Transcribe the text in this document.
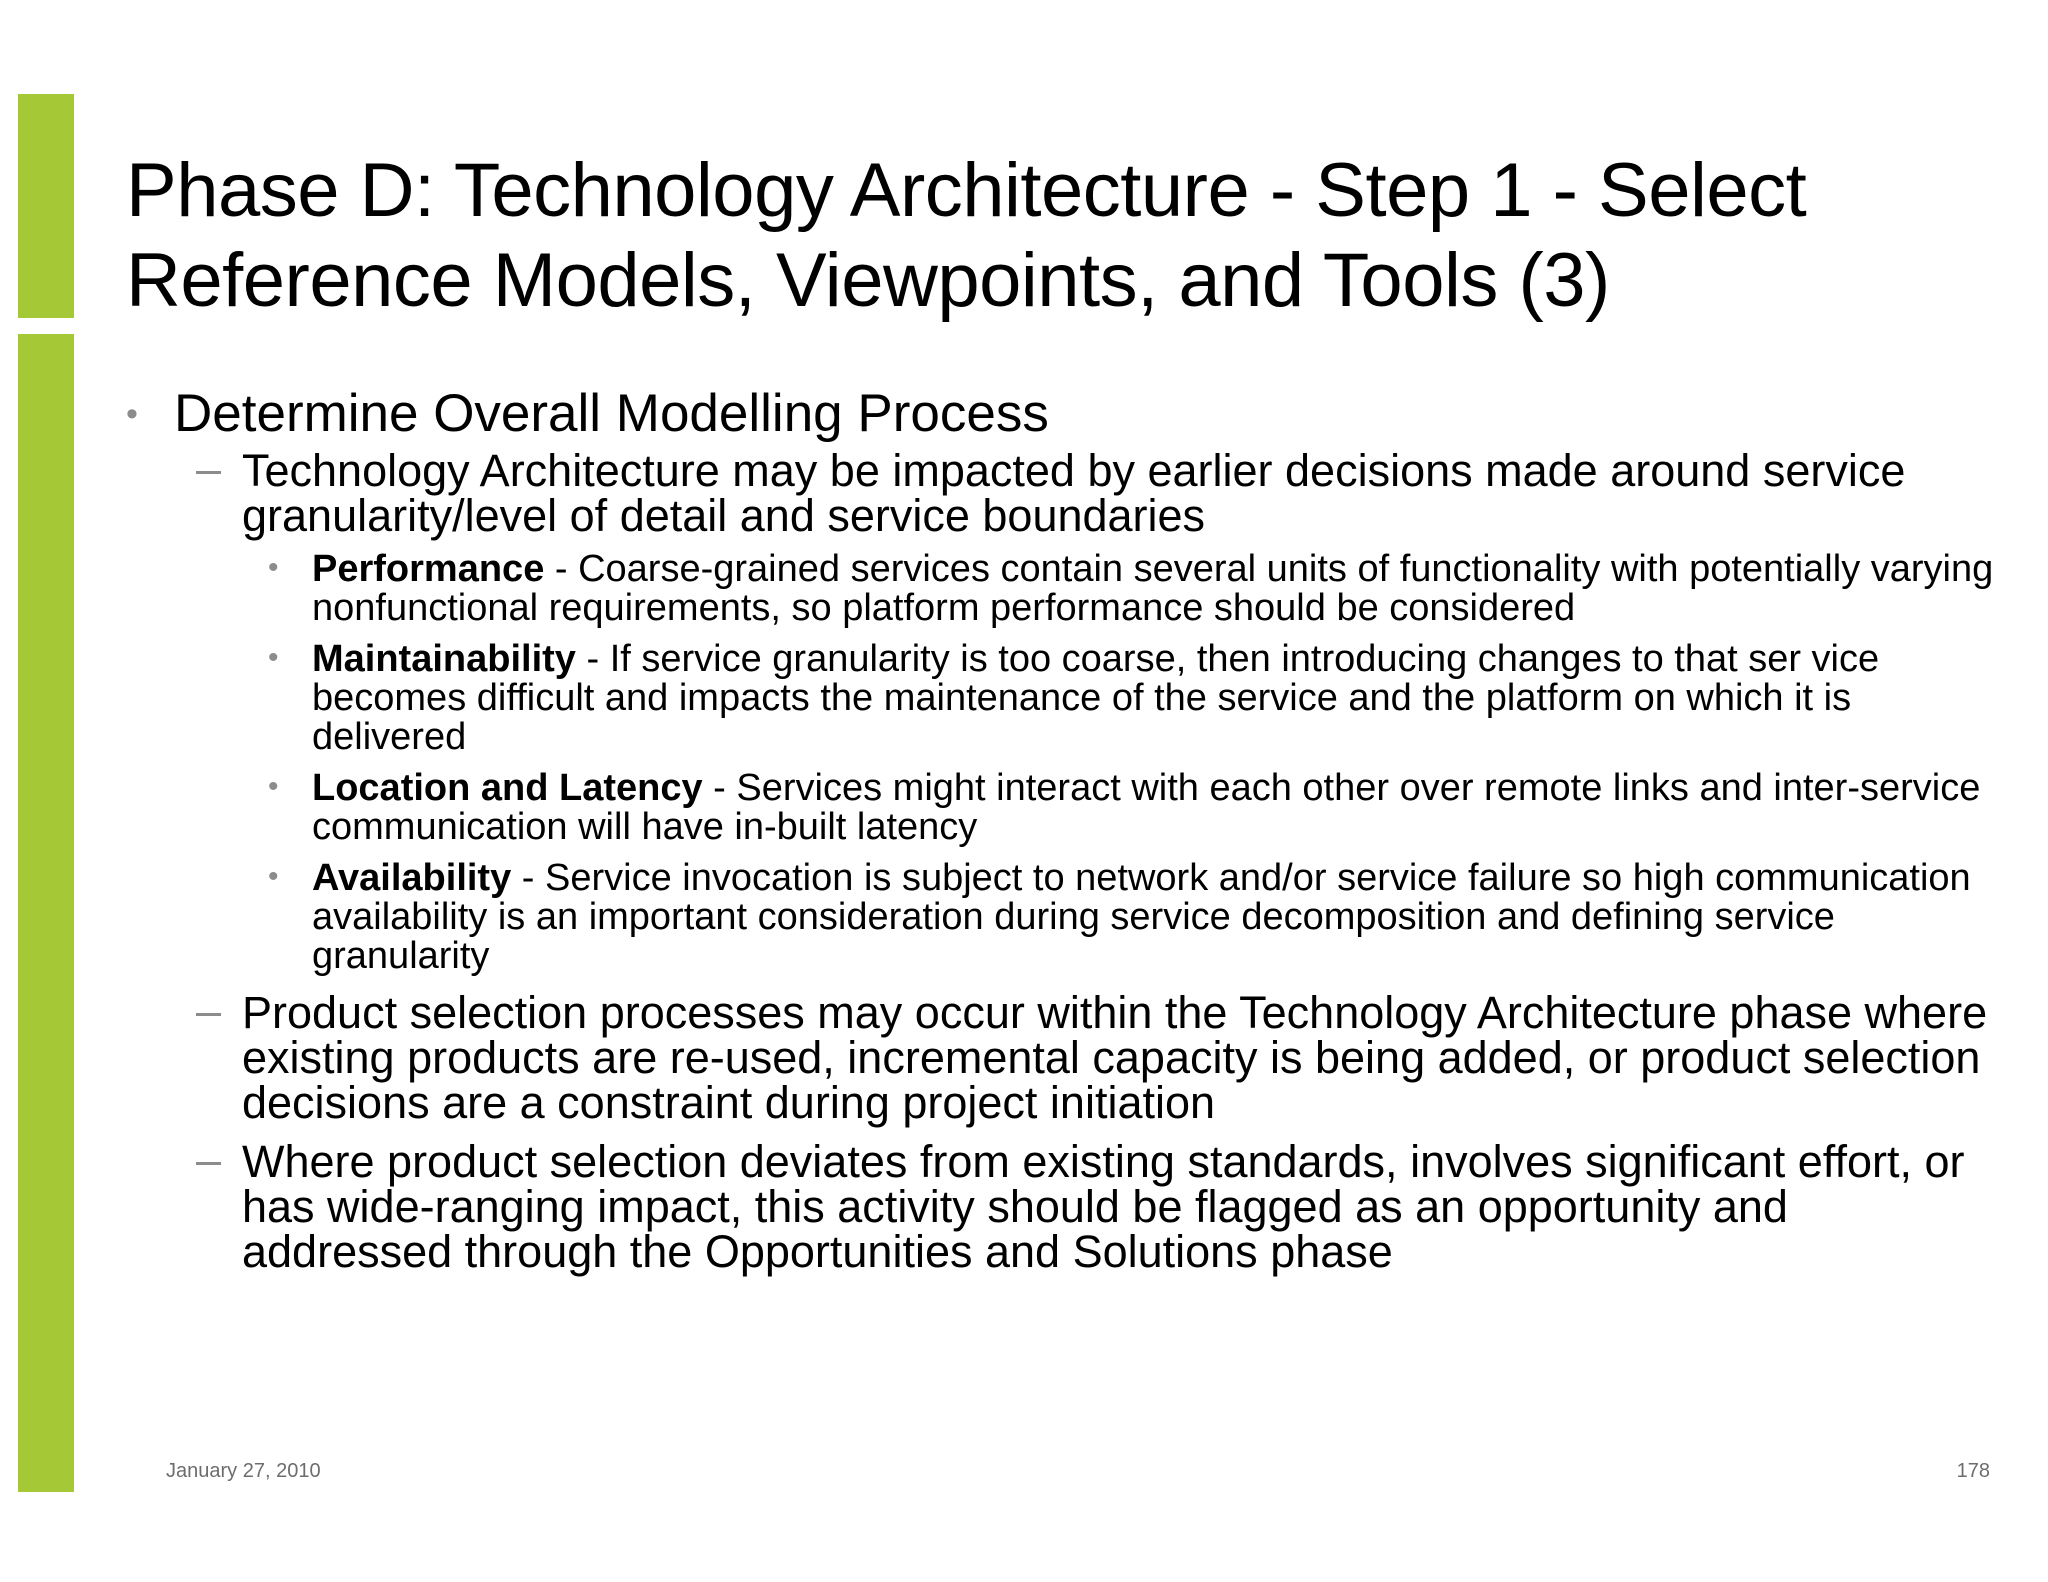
Phase D: Technology Architecture - Step 1 - Select Reference Models, Viewpoints, and Tools (3)
• Determine Overall Modelling Process
– Technology Architecture may be impacted by earlier decisions made around service granularity/level of detail and service boundaries
• Performance - Coarse-grained services contain several units of functionality with potentially varying nonfunctional requirements, so platform performance should be considered
• Maintainability - If service granularity is too coarse, then introducing changes to that ser vice becomes difficult and impacts the maintenance of the service and the platform on which it is delivered
• Location and Latency - Services might interact with each other over remote links and inter-service communication will have in-built latency
• Availability - Service invocation is subject to network and/or service failure so high communication availability is an important consideration during service decomposition and defining service granularity
– Product selection processes may occur within the Technology Architecture phase where existing products are re-used, incremental capacity is being added, or product selection decisions are a constraint during project initiation
– Where product selection deviates from existing standards, involves significant effort, or has wide-ranging impact, this activity should be flagged as an opportunity and addressed through the Opportunities and Solutions phase
January 27, 2010	178
